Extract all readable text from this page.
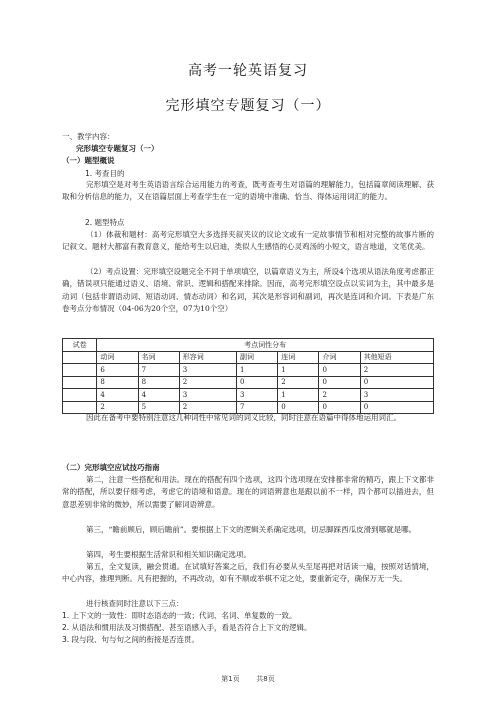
高考一轮英语复习
完形填空专题复习（一）
一、教学内容：
完形填空专题复习（一）
（一）题型概说
1. 考查目的
完形填空是对考生英语语言综合运用能力的考查，既考查考生对语篇的理解能力，包括篇章阅读理解、获取和分析信息的能力，又在语篇层面上考查学生在一定的语境中准确、恰当、得体运用词汇的能力。
2. 题型特点
（1）体裁和题材：高考完形填空大多选择夹叙夹议的议论文或有一定故事情节和相对完整的故事片断的记叙文。题材大都富有教育意义，能给考生以启迪，类似人生感悟的心灵鸡汤的小短文，语言地道，文笔优美。
（2）考点设置：完形填空设题完全不同于单项填空，以篇章语义为主，所设4个选项从语法角度考虑都正确，错误项只能通过语义、语境、常识、逻辑和搭配来排除。因而，高考完形填空设点以实词为主，其中最多是动词（包括非谓语动词、短语动词、情态动词）和名词，其次是形容词和副词，再次是连词和介词。下表是广东卷考点分布情况（04-06为20个空，07为10个空）
试卷	考点词性分布						
	动词	名词	形容词	副词	连词	介词	其他短语
	6	7	3	1	1	0	2
	8	8	2	0	2	0	0
	4	4	3	3	1	2	3
	2	5	2	7	0	0	0
因此在备考中要特别注意这几种词性中常见词的词义比较，同时注意在语篇中得体地运用词汇。
（二）完形填空应试技巧指南
第二，注意一些搭配和用法。现在的搭配有四个选项，这四个选项现在安排都非常的精巧，跟上下文都非常的搭配，所以要仔细考虑，考虑它的语境和语意。现在的词语辨意也是跟以前不一样，四个都可以插进去，但意思差别非常的微妙，所以需要了解词语辨意。
第三，“瞻前顾后，顾后瞻前”。要根据上下文的逻辑关系确定选项，切忌脚踩西瓜皮滑到哪就是哪。
第四，考生要根据生活常识和相关知识确定选项。
第五，全文复读，融会贯通。在试填好答案之后，我们有必要从头至尾再把对话读一遍，按照对话情境，中心内容，推理判断。凡有把握的，不再改动，如有不顺或举棋不定之处，要重新定夺，确保万无一失。
进行核查同时注意以下三点：
1. 上下文的一致性：即时态语态的一致；代词、名词、单复数的一致。
2. 从语法和惯用法及习惯搭配、甚至语感入手，看是否符合上下文的逻辑。
3. 段与段、句与句之间的衔接是否连贯。
第1页 共8页
